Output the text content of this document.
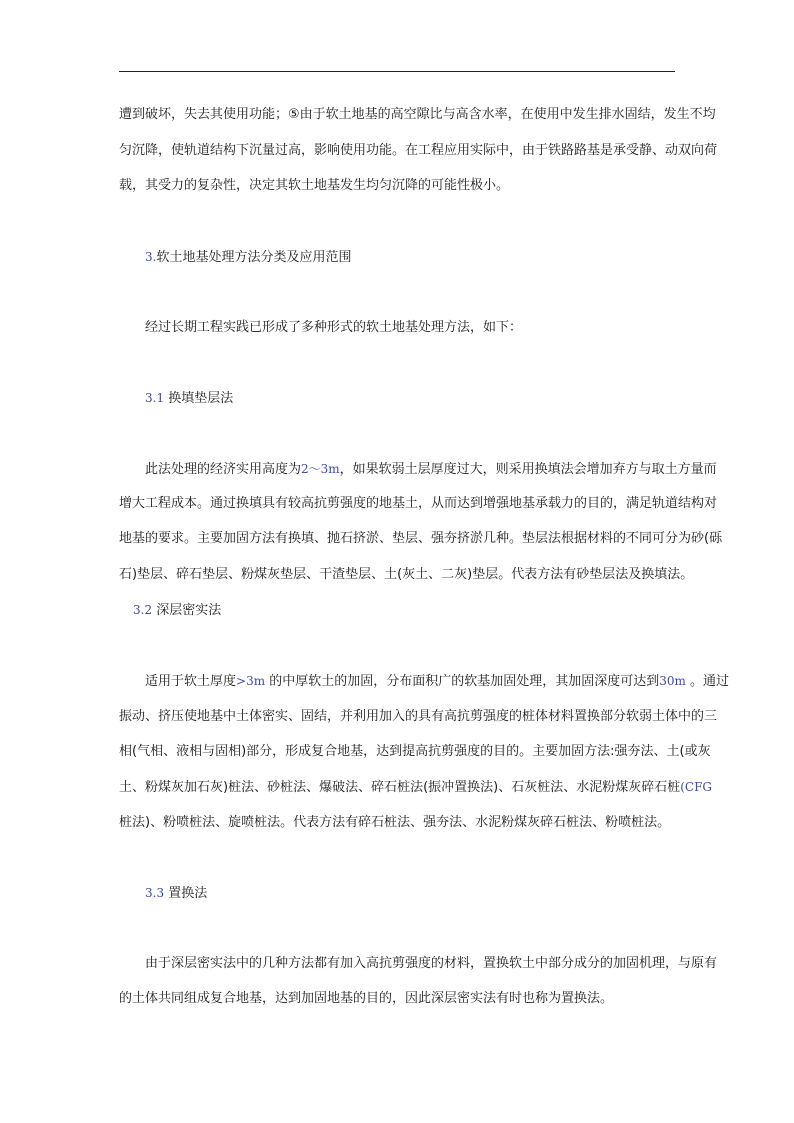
遭到破坏，失去其使用功能；⑤由于软土地基的高空隙比与高含水率，在使用中发生排水固结，发生不均
匀沉降，使轨道结构下沉量过高，影响使用功能。在工程应用实际中，由于铁路路基是承受静、动双向荷
载，其受力的复杂性，决定其软土地基发生均匀沉降的可能性极小。
3.软土地基处理方法分类及应用范围
经过长期工程实践已形成了多种形式的软土地基处理方法，如下：
3.1 换填垫层法
此法处理的经济实用高度为2～3m，如果软弱土层厚度过大，则采用换填法会增加弃方与取土方量而
增大工程成本。通过换填具有较高抗剪强度的地基土，从而达到增强地基承载力的目的，满足轨道结构对
地基的要求。主要加固方法有换填、抛石挤淤、垫层、强夯挤淤几种。垫层法根据材料的不同可分为砂(砾
石)垫层、碎石垫层、粉煤灰垫层、干渣垫层、土(灰土、二灰)垫层。代表方法有砂垫层法及换填法。
3.2 深层密实法
适用于软土厚度>3m 的中厚软土的加固，分布面积广的软基加固处理，其加固深度可达到30m 。通过
振动、挤压使地基中土体密实、固结，并利用加入的具有高抗剪强度的桩体材料置换部分软弱土体中的三
相(气相、液相与固相)部分，形成复合地基，达到提高抗剪强度的目的。主要加固方法:强夯法、土(或灰
土、粉煤灰加石灰)桩法、砂桩法、爆破法、碎石桩法(振冲置换法)、石灰桩法、水泥粉煤灰碎石桩(CFG
桩法)、粉喷桩法、旋喷桩法。代表方法有碎石桩法、强夯法、水泥粉煤灰碎石桩法、粉喷桩法。
3.3 置换法
由于深层密实法中的几种方法都有加入高抗剪强度的材料，置换软土中部分成分的加固机理，与原有
的土体共同组成复合地基，达到加固地基的目的，因此深层密实法有时也称为置换法。
